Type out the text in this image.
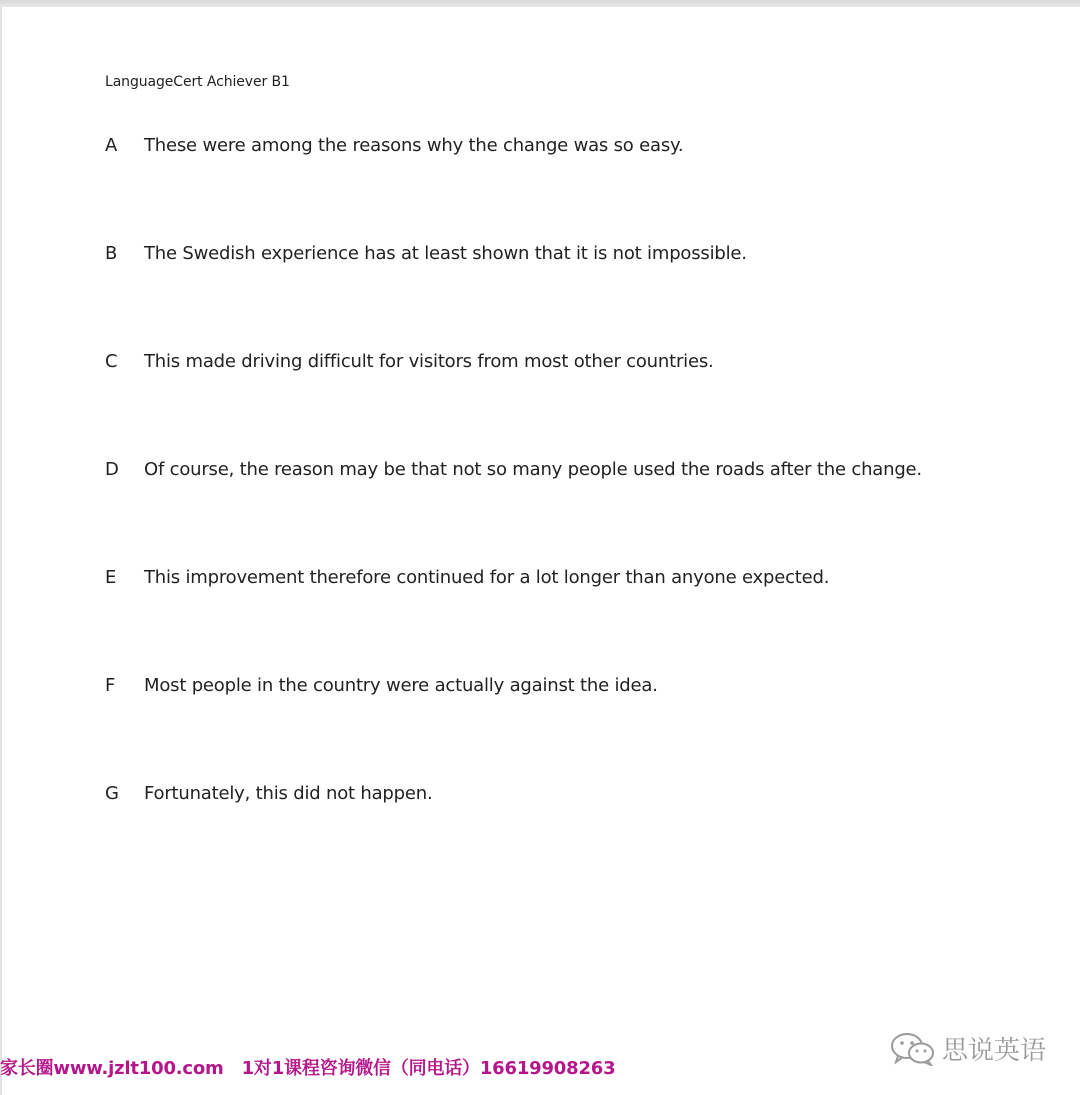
LanguageCert Achiever B1
A	These were among the reasons why the change was so easy.
B	The Swedish experience has at least shown that it is not impossible.
C	This made driving difficult for visitors from most other countries.
D	Of course, the reason may be that not so many people used the roads after the change.
E	This improvement therefore continued for a lot longer than anyone expected.
F	Most people in the country were actually against the idea.
G	Fortunately, this did not happen.
家长圈www.jzlt100.com 1对1课程咨询微信（同电话）16619908263
思说英语
